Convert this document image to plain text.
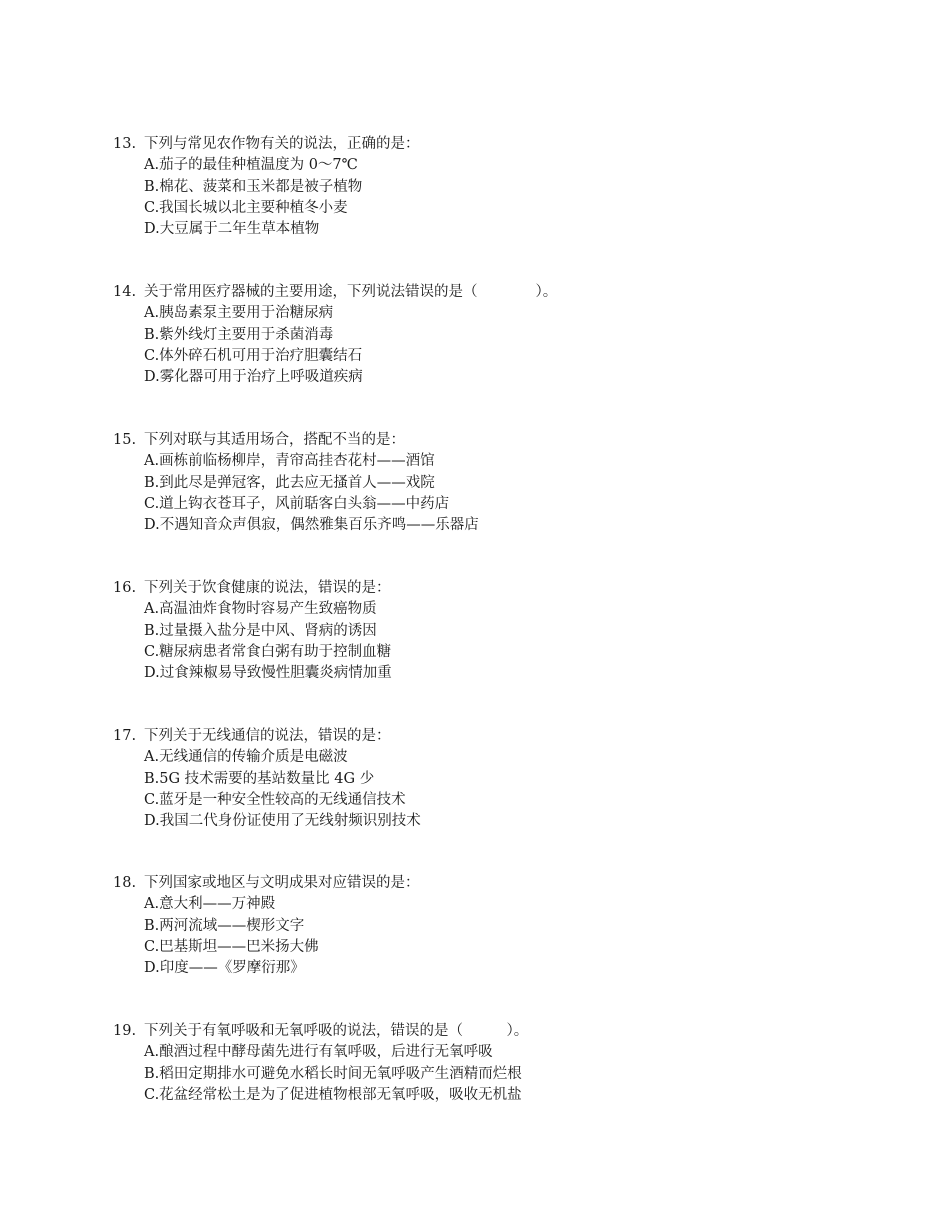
13. 下列与常见农作物有关的说法，正确的是：
A.茄子的最佳种植温度为 0～7℃
B.棉花、菠菜和玉米都是被子植物
C.我国长城以北主要种植冬小麦
D.大豆属于二年生草本植物
14. 关于常用医疗器械的主要用途，下列说法错误的是（　　　　）。
A.胰岛素泵主要用于治糖尿病
B.紫外线灯主要用于杀菌消毒
C.体外碎石机可用于治疗胆囊结石
D.雾化器可用于治疗上呼吸道疾病
15. 下列对联与其适用场合，搭配 不当 的是：
A.画栋前临杨柳岸，青帘高挂杏花村——酒馆
B.到此尽是弹冠客，此去应无搔首人——戏院
C.道上钩衣苍耳子，风前聒客白头翁——中药店
D.不遇知音众声俱寂，偶然雅集百乐齐鸣——乐器店
16. 下列关于饮食健康的说法，错误的是：
A.高温油炸食物时容易产生致癌物质
B.过量摄入盐分是中风、肾病的诱因
C.糖尿病患者常食白粥有助于控制血糖
D.过食辣椒易导致慢性胆囊炎病情加重
17. 下列关于无线通信的说法，错误的是：
A.无线通信的传输介质是电磁波
B.5G 技术需要的基站数量比 4G 少
C.蓝牙是一种安全性较高的无线通信技术
D.我国二代身份证使用了无线射频识别技术
18. 下列国家或地区与文明成果对应错误的是：
A.意大利——万神殿
B.两河流域——楔形文字
C.巴基斯坦——巴米扬大佛
D.印度——《罗摩衍那》
19. 下列关于有氧呼吸和无氧呼吸的说法，错误的是（　　　）。
A.酿酒过程中酵母菌先进行有氧呼吸，后进行无氧呼吸
B.稻田定期排水可避免水稻长时间无氧呼吸产生酒精而烂根
C.花盆经常松土是为了促进植物根部无氧呼吸，吸收无机盐
